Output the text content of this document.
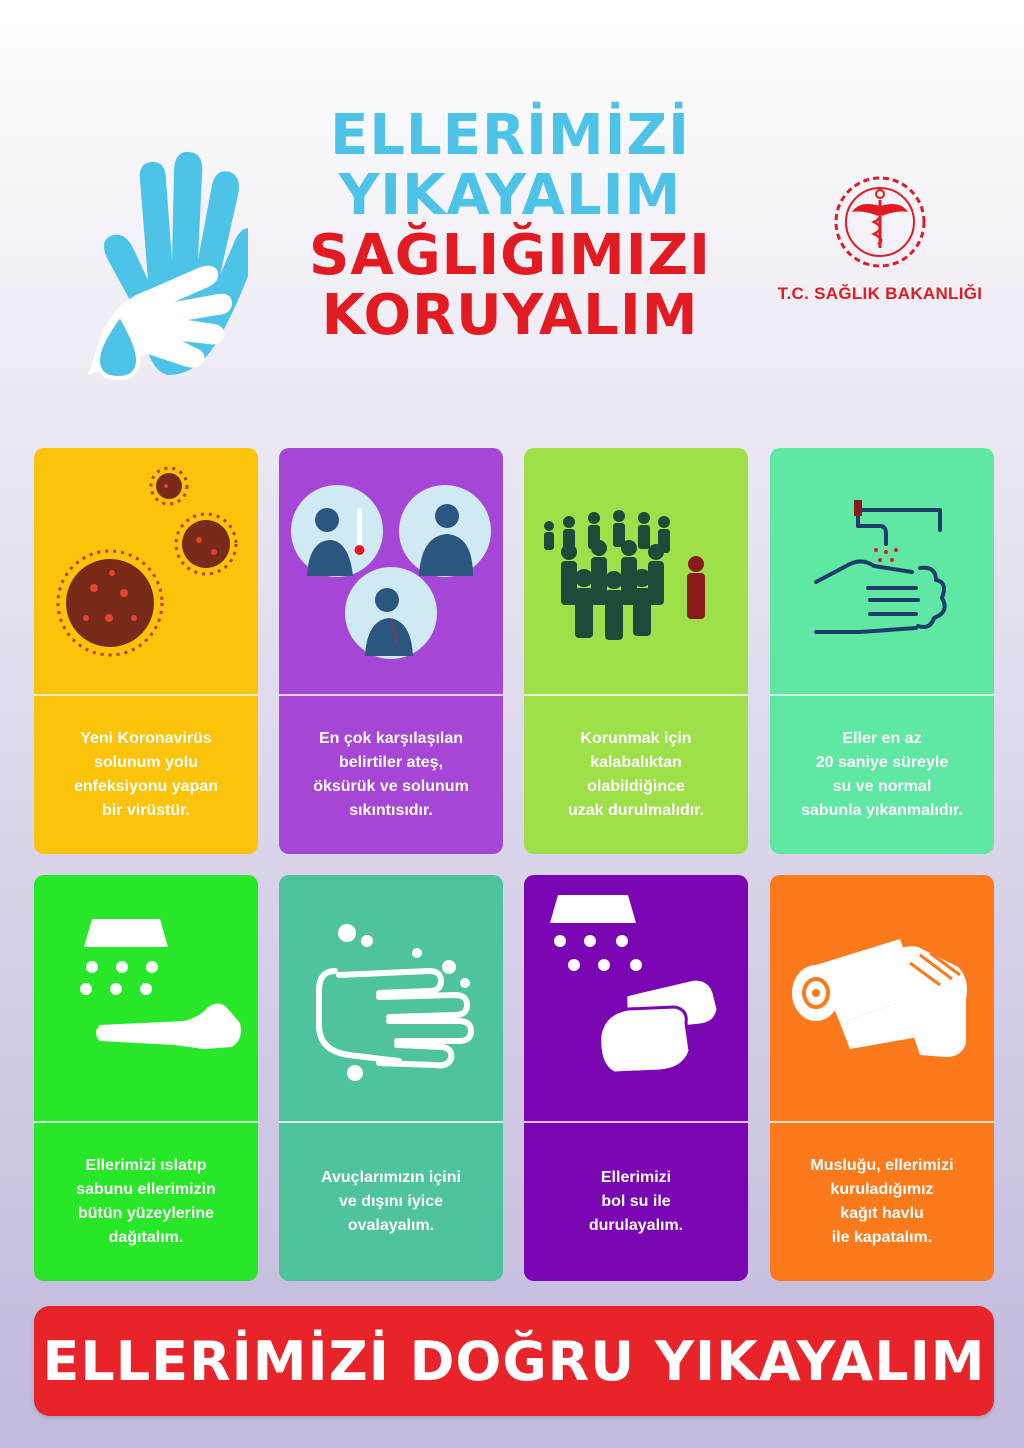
ELLERİMİZİ
YIKAYALIM
SAĞLIĞIMIZI
KORUYALIM	T.C. SAĞLIK BAKANLIĞI
Yeni Koronavirüs
solunum yolu
enfeksiyonu yapan
bir virüstür.
En çok karşılaşılan
belirtiler ateş,
öksürük ve solunum
sıkıntısıdır.
Korunmak için
kalabalıktan
olabildiğince
uzak durulmalıdır.
Eller en az
20 saniye süreyle
su ve normal
sabunla yıkanmalıdır.
Ellerimizi ıslatıp
sabunu ellerimizin
bütün yüzeylerine
dağıtalım.
Avuçlarımızın içini
ve dışını iyice
ovalayalım.
Ellerimizi
bol su ile
durulayalım.
Musluğu, ellerimizi
kuruladığımız
kağıt havlu
ile kapatalım.
ELLERİMİZİ DOĞRU YIKAYALIM
